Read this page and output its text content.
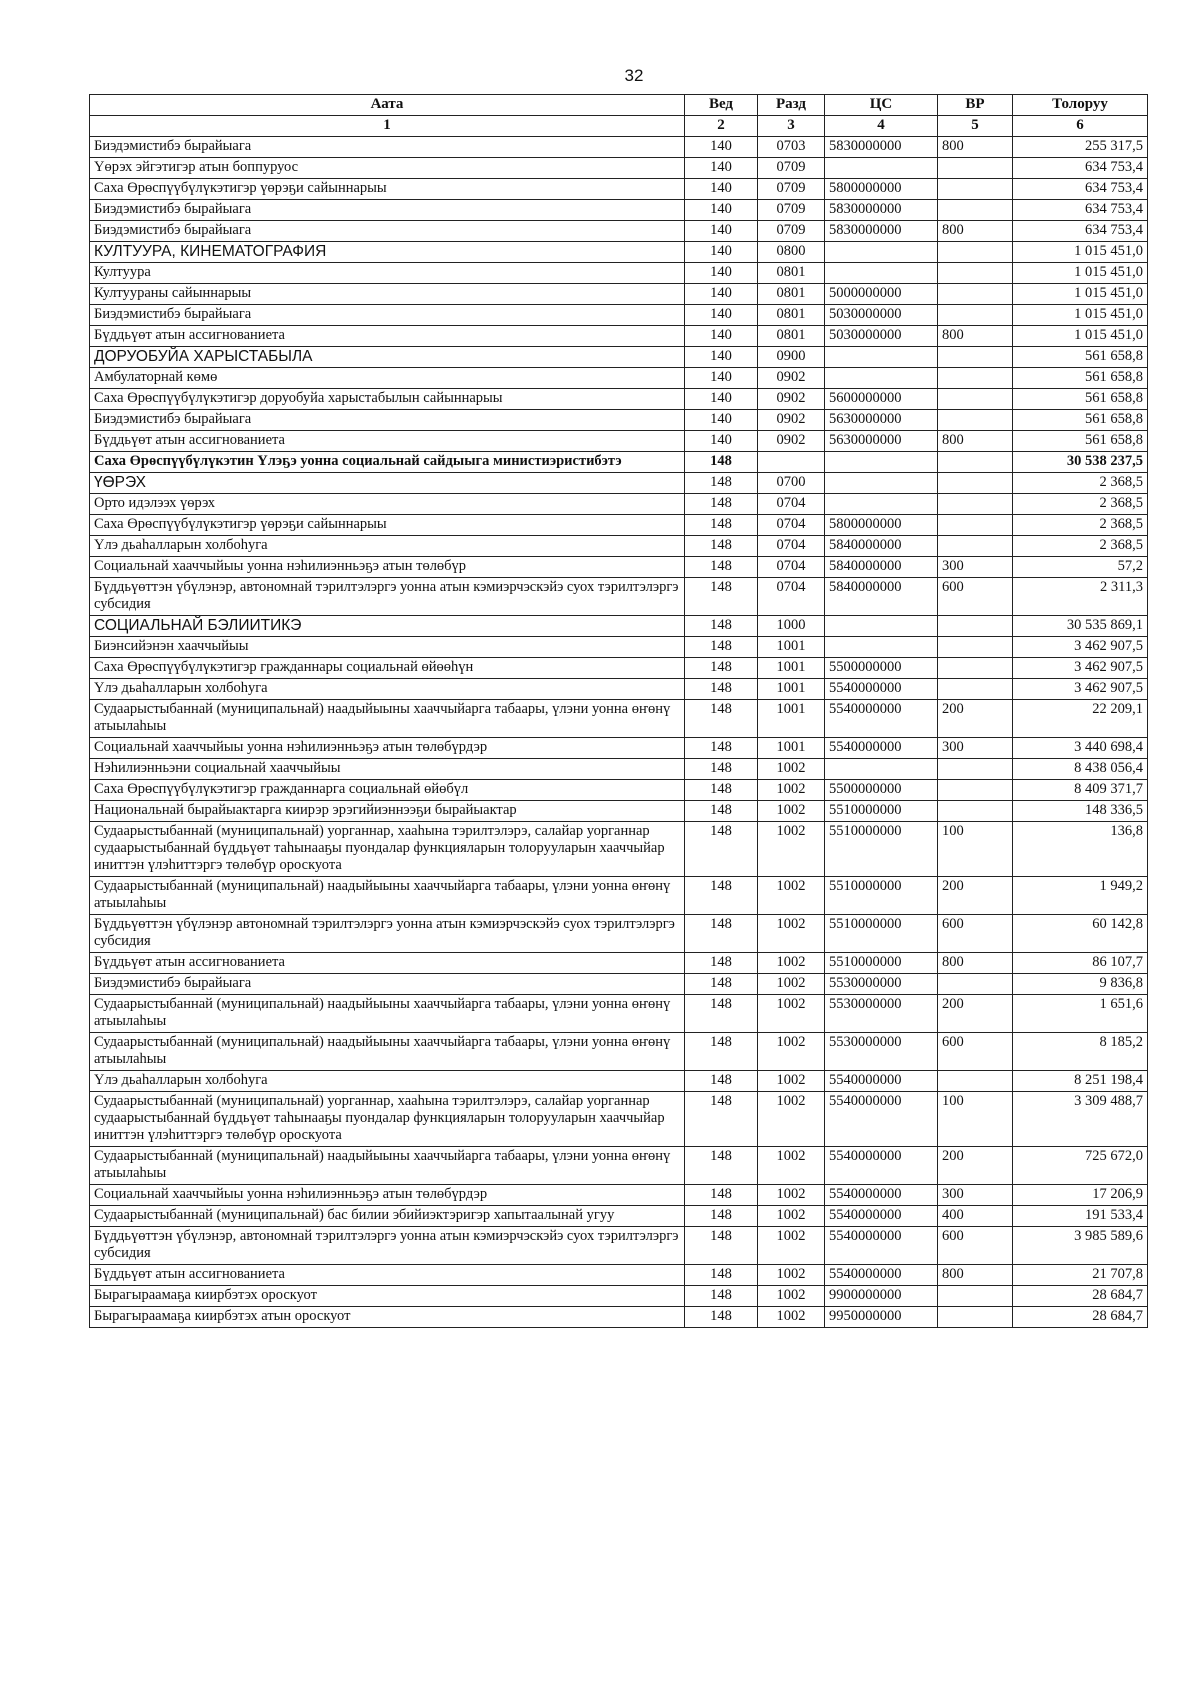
32
Аата	Вед	Разд	ЦС	ВР	Толоруу
1	2	3	4	5	6
Биэдэмистибэ бырайыага	140	0703	5830000000	800	255 317,5
Үөрэх эйгэтигэр атын боппуруос	140	0709			634 753,4
Саха Өрөспүүбүлүкэтигэр үөрэҕи сайыннарыы	140	0709	5800000000		634 753,4
Биэдэмистибэ бырайыага	140	0709	5830000000		634 753,4
Биэдэмистибэ бырайыага	140	0709	5830000000	800	634 753,4
КУЛТУУРА, КИНЕМАТОГРАФИЯ	140	0800			1 015 451,0
Култуура	140	0801			1 015 451,0
Култуураны сайыннарыы	140	0801	5000000000		1 015 451,0
Биэдэмистибэ бырайыага	140	0801	5030000000		1 015 451,0
Бүддьүөт атын ассигнованиета	140	0801	5030000000	800	1 015 451,0
ДОРУОБУЙА ХАРЫСТАБЫЛА	140	0900			561 658,8
Амбулаторнай көмө	140	0902			561 658,8
Саха Өрөспүүбүлүкэтигэр доруобуйа харыстабылын сайыннарыы	140	0902	5600000000		561 658,8
Биэдэмистибэ бырайыага	140	0902	5630000000		561 658,8
Бүддьүөт атын ассигнованиета	140	0902	5630000000	800	561 658,8
Саха Өрөспүүбүлүкэтин Үлэҕэ уонна социальнай сайдыыга министиэристибэтэ	148				30 538 237,5
ҮӨРЭХ	148	0700			2 368,5
Орто идэлээх үөрэх	148	0704			2 368,5
Саха Өрөспүүбүлүкэтигэр үөрэҕи сайыннарыы	148	0704	5800000000		2 368,5
Үлэ дьаһалларын холбоһуга	148	0704	5840000000		2 368,5
Социальнай хааччыйыы уонна нэһилиэнньэҕэ атын төлөбүр	148	0704	5840000000	300	57,2
Бүддьүөттэн үбүлэнэр, автономнай тэрилтэлэргэ уонна атын кэмиэрчэскэйэ суох тэрилтэлэргэ субсидия	148	0704	5840000000	600	2 311,3
СОЦИАЛЬНАЙ БЭЛИИТИКЭ	148	1000			30 535 869,1
Биэнсийэнэн хааччыйыы	148	1001			3 462 907,5
Саха Өрөспүүбүлүкэтигэр гражданнары социальнай өйөөһүн	148	1001	5500000000		3 462 907,5
Үлэ дьаһалларын холбоһуга	148	1001	5540000000		3 462 907,5
Судаарыстыбаннай (муниципальнай) наадыйыыны хааччыйарга табаары, үлэни уонна өҥөнү атыылаһыы	148	1001	5540000000	200	22 209,1
Социальнай хааччыйыы уонна нэһилиэнньэҕэ атын төлөбүрдэр	148	1001	5540000000	300	3 440 698,4
Нэһилиэнньэни социальнай хааччыйыы	148	1002			8 438 056,4
Саха Өрөспүүбүлүкэтигэр гражданнарга социальнай өйөбүл	148	1002	5500000000		8 409 371,7
Национальнай бырайыактарга киирэр эрэгийиэннээҕи бырайыактар	148	1002	5510000000		148 336,5
Судаарыстыбаннай (муниципальнай) уорганнар, хааһына тэрилтэлэрэ, салайар уорганнар судаарыстыбаннай бүддьүөт таһынааҕы пуондалар функцияларын толорууларын хааччыйар иниттэн үлэһиттэргэ төлөбүр ороскуота	148	1002	5510000000	100	136,8
Судаарыстыбаннай (муниципальнай) наадыйыыны хааччыйарга табаары, үлэни уонна өҥөнү атыылаһыы	148	1002	5510000000	200	1 949,2
Бүддьүөттэн үбүлэнэр автономнай тэрилтэлэргэ уонна атын кэмиэрчэскэйэ суох тэрилтэлэргэ субсидия	148	1002	5510000000	600	60 142,8
Бүддьүөт атын ассигнованиета	148	1002	5510000000	800	86 107,7
Биэдэмистибэ бырайыага	148	1002	5530000000		9 836,8
Судаарыстыбаннай (муниципальнай) наадыйыыны хааччыйарга табаары, үлэни уонна өҥөнү атыылаһыы	148	1002	5530000000	200	1 651,6
Судаарыстыбаннай (муниципальнай) наадыйыыны хааччыйарга табаары, үлэни уонна өҥөнү атыылаһыы	148	1002	5530000000	600	8 185,2
Үлэ дьаһалларын холбоһуга	148	1002	5540000000		8 251 198,4
Судаарыстыбаннай (муниципальнай) уорганнар, хааһына тэрилтэлэрэ, салайар уорганнар судаарыстыбаннай бүддьүөт таһынааҕы пуондалар функцияларын толорууларын хааччыйар иниттэн үлэһиттэргэ төлөбүр ороскуота	148	1002	5540000000	100	3 309 488,7
Судаарыстыбаннай (муниципальнай) наадыйыыны хааччыйарга табаары, үлэни уонна өҥөнү атыылаһыы	148	1002	5540000000	200	725 672,0
Социальнай хааччыйыы уонна нэһилиэнньэҕэ атын төлөбүрдэр	148	1002	5540000000	300	17 206,9
Судаарыстыбаннай (муниципальнай) бас билии эбийиэктэригэр хапытаалынай угуу	148	1002	5540000000	400	191 533,4
Бүддьүөттэн үбүлэнэр, автономнай тэрилтэлэргэ уонна атын кэмиэрчэскэйэ суох тэрилтэлэргэ субсидия	148	1002	5540000000	600	3 985 589,6
Бүддьүөт атын ассигнованиета	148	1002	5540000000	800	21 707,8
Бырагыраамаҕа киирбэтэх ороскуот	148	1002	9900000000		28 684,7
Бырагыраамаҕа киирбэтэх атын ороскуот	148	1002	9950000000		28 684,7
